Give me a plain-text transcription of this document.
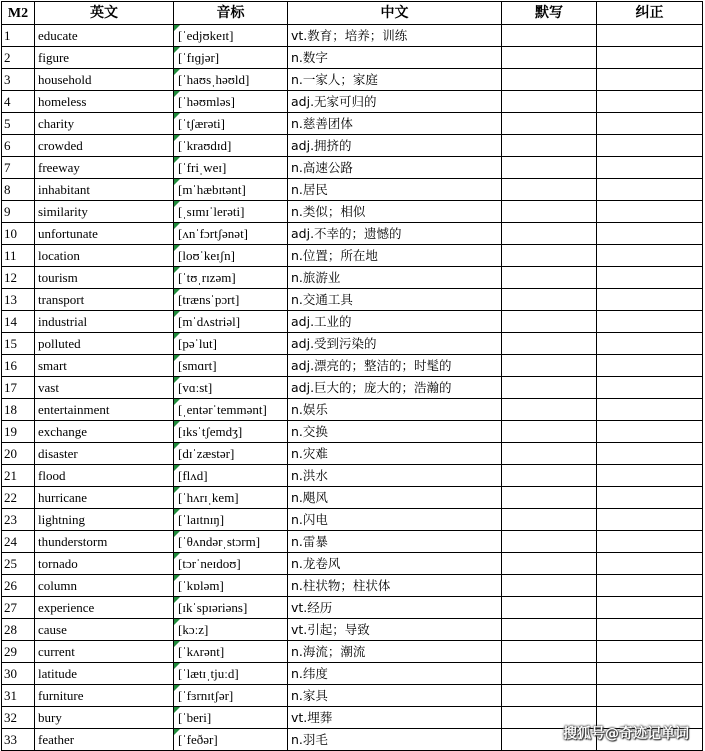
M2	英文	音标	中文	默写	纠正
1	educate	[ˈedjʊkeɪt]	vt.教育；培养；训练		
2	figure	[ˈfɪɡjər]	n.数字		
3	household	[ˈhaʊsˌhəʊld]	n.一家人；家庭		
4	homeless	[ˈhəʊmləs]	adj.无家可归的		
5	charity	[ˈtʃærəti]	n.慈善团体		
6	crowded	[ˈkraʊdɪd]	adj.拥挤的		
7	freeway	[ˈfriˌweɪ]	n.高速公路		
8	inhabitant	[mˈhæbɪtənt]	n.居民		
9	similarity	[ˌsɪmɪˈlerəti]	n.类似；相似		
10	unfortunate	[ʌnˈfɔrtʃənət]	adj.不幸的；遗憾的		
11	location	[loʊˈkeɪʃn]	n.位置；所在地		
12	tourism	[ˈtʊˌrɪzəm]	n.旅游业		
13	transport	[trænsˈpɔrt]	n.交通工具		
14	industrial	[mˈdʌstriəl]	adj.工业的		
15	polluted	[pəˈlut]	adj.受到污染的		
16	smart	[smɑrt]	adj.漂亮的；整洁的；时髦的		
17	vast	[vɑːst]	adj.巨大的；庞大的；浩瀚的		
18	entertainment	[ˌentərˈtemmənt]	n.娱乐		
19	exchange	[ɪksˈtʃemdʒ]	n.交换		
20	disaster	[dɪˈzæstər]	n.灾难		
21	flood	[flʌd]	n.洪水		
22	hurricane	[ˈhʌrɪˌkem]	n.飓风		
23	lightning	[ˈlaɪtnɪŋ]	n.闪电		
24	thunderstorm	[ˈθʌndərˌstɔrm]	n.雷暴		
25	tornado	[tɔrˈneɪdoʊ]	n.龙卷风		
26	column	[ˈkɒləm]	n.柱状物；柱状体		
27	experience	[ɪkˈspɪəriəns]	vt.经历		
28	cause	[kɔːz]	vt.引起；导致		
29	current	[ˈkʌrənt]	n.海流；潮流		
30	latitude	[ˈlætɪˌtjuːd]	n.纬度		
31	furniture	[ˈfɜrnɪtʃər]	n.家具		
32	bury	[ˈberi]	vt.埋葬		
33	feather	[ˈfeðər]	n.羽毛			搜狐号@奇迹记单词
